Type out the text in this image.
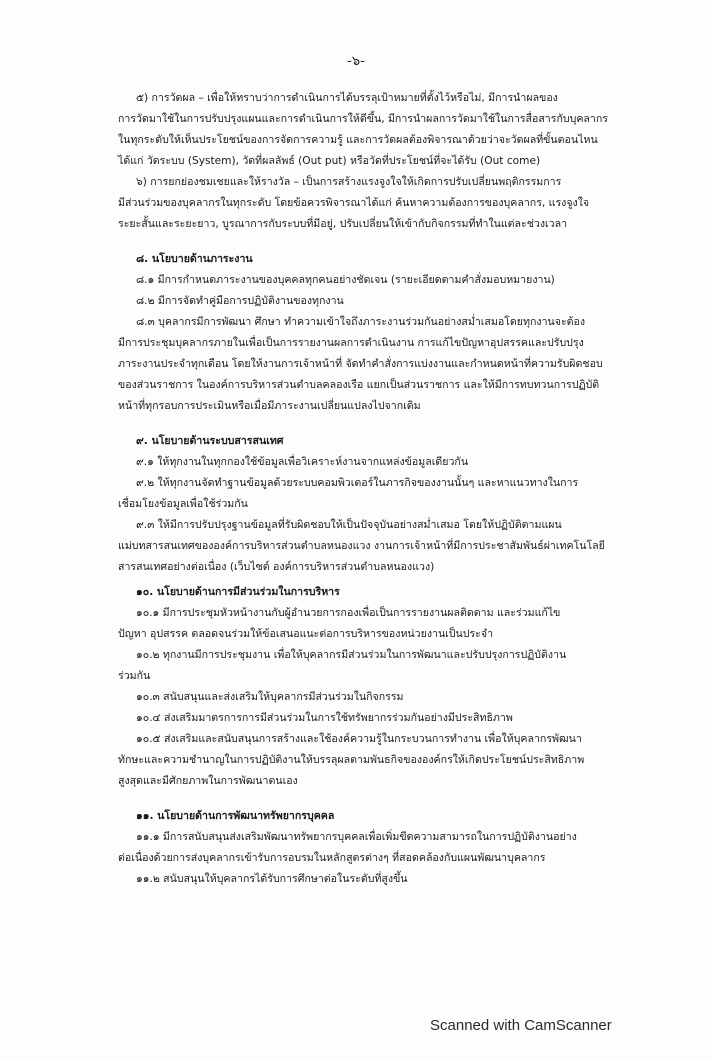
-๖-

๕) การวัดผล – เพื่อให้ทราบว่าการดำเนินการได้บรรลุเป้าหมายที่ตั้งไว้หรือไม่, มีการนำผลของ

การวัดมาใช้ในการปรับปรุงแผนและการดำเนินการให้ดีขึ้น, มีการนำผลการวัดมาใช้ในการสื่อสารกับบุคลากร

ในทุกระดับให้เห็นประโยชน์ของการจัดการความรู้ และการวัดผลต้องพิจารณาด้วยว่าจะวัดผลที่ขั้นตอนไหน

ได้แก่ วัดระบบ (System), วัดที่ผลลัพธ์ (Out put) หรือวัดที่ประโยชน์ที่จะได้รับ (Out come)

๖) การยกย่องชมเชยและให้รางวัล – เป็นการสร้างแรงจูงใจให้เกิดการปรับเปลี่ยนพฤติกรรมการ

มีส่วนร่วมของบุคลากรในทุกระดับ โดยข้อควรพิจารณาได้แก่ ค้นหาความต้องการของบุคลากร, แรงจูงใจ

ระยะสั้นและระยะยาว, บูรณาการกับระบบที่มีอยู่, ปรับเปลี่ยนให้เข้ากับกิจกรรมที่ทำในแต่ละช่วงเวลา

๘. นโยบายด้านภาระงาน

๘.๑ มีการกำหนดภาระงานของบุคคลทุกคนอย่างชัดเจน (รายะเอียดตามคำสั่งมอบหมายงาน)

๘.๒ มีการจัดทำคู่มือการปฏิบัติงานของทุกงาน

๘.๓ บุคลากรมีการพัฒนา ศึกษา ทำความเข้าใจถึงภาระงานร่วมกันอย่างสม่ำเสมอโดยทุกงานจะต้อง

มีการประชุมบุคลากรภายในเพื่อเป็นการรายงานผลการดำเนินงาน การแก้ไขปัญหาอุปสรรคและปรับปรุง

ภาระงานประจำทุกเดือน โดยให้งานการเจ้าหน้าที่ จัดทำคำสั่งการแบ่งงานและกำหนดหน้าที่ความรับผิดชอบ

ของส่วนราชการ ในองค์การบริหารส่วนตำบลคลองเรือ แยกเป็นส่วนราชการ และให้มีการทบทวนการปฏิบัติ

หน้าที่ทุกรอบการประเมินหรือเมื่อมีภาระงานเปลี่ยนแปลงไปจากเดิม

๙. นโยบายด้านระบบสารสนเทศ

๙.๑ ให้ทุกงานในทุกกองใช้ข้อมูลเพื่อวิเคราะห์งานจากแหล่งข้อมูลเดียวกัน

๙.๒ ให้ทุกงานจัดทำฐานข้อมูลด้วยระบบคอมพิวเตอร์ในภารกิจของงานนั้นๆ และหาแนวทางในการ

เชื่อมโยงข้อมูลเพื่อใช้ร่วมกัน

๙.๓ ให้มีการปรับปรุงฐานข้อมูลที่รับผิดชอบให้เป็นปัจจุบันอย่างสม่ำเสมอ โดยให้ปฏิบัติตามแผน

แม่บทสารสนเทศขององค์การบริหารส่วนตำบลหนองแวง งานการเจ้าหน้าที่มีการประชาสัมพันธ์ผ่าเทคโนโลยี

สารสนเทศอย่างต่อเนื่อง (เว็บไซต์ องค์การบริหารส่วนตำบลหนองแวง)

๑๐. นโยบายด้านการมีส่วนร่วมในการบริหาร

๑๐.๑ มีการประชุมหัวหน้างานกับผู้อำนวยการกองเพื่อเป็นการรายงานผลติดตาม และร่วมแก้ไข

ปัญหา อุปสรรค ตลอดจนร่วมให้ข้อเสนอแนะต่อการบริหารของหน่วยงานเป็นประจำ

๑๐.๒ ทุกงานมีการประชุมงาน เพื่อให้บุคลากรมีส่วนร่วมในการพัฒนาและปรับปรุงการปฏิบัติงาน

ร่วมกัน

๑๐.๓ สนับสนุนและส่งเสริมให้บุคลากรมีส่วนร่วมในกิจกรรม

๑๐.๔ ส่งเสริมมาตรการการมีส่วนร่วมในการใช้ทรัพยากรร่วมกันอย่างมีประสิทธิภาพ

๑๐.๕ ส่งเสริมและสนับสนุนการสร้างและใช้องค์ความรู้ในกระบวนการทำงาน เพื่อให้บุคลากรพัฒนา

ทักษะและความชำนาญในการปฏิบัติงานให้บรรลุผลตามพันธกิจขององค์กรให้เกิดประโยชน์ประสิทธิภาพ

สูงสุดและมีศักยภาพในการพัฒนาตนเอง

๑๑. นโยบายด้านการพัฒนาทรัพยากรบุคคล

๑๑.๑ มีการสนับสนุนส่งเสริมพัฒนาทรัพยากรบุคคลเพื่อเพิ่มขีดความสามารถในการปฏิบัติงานอย่าง

ต่อเนื่องด้วยการส่งบุคลากรเข้ารับการอบรมในหลักสูตรต่างๆ ที่สอดคล้องกับแผนพัฒนาบุคลากร

๑๑.๒ สนับสนุนให้บุคลากรได้รับการศึกษาต่อในระดับที่สูงขึ้น

Scanned with CamScanner
